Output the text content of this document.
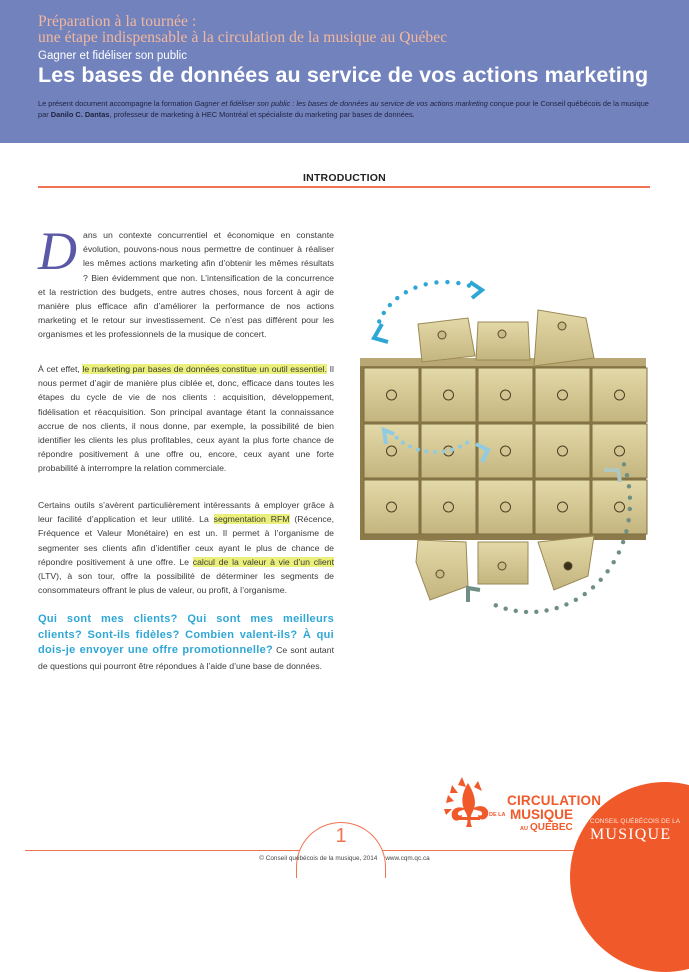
Préparation à la tournée :
une étape indispensable à la circulation de la musique au Québec
Gagner et fidéliser son public
Les bases de données au service de vos actions marketing
Le présent document accompagne la formation Gagner et fidéliser son public : les bases de données au service de vos actions marketing conçue pour le Conseil québécois de la musique par Danilo C. Dantas, professeur de marketing à HEC Montréal et spécialiste du marketing par bases de données.
INTRODUCTION
Dans un contexte concurrentiel et économique en constante évolution, pouvons-nous nous permettre de continuer à réaliser les mêmes actions marketing afin d’obtenir les mêmes résultats ? Bien évidemment que non. L’intensification de la concurrence et la restriction des budgets, entre autres choses, nous forcent à agir de manière plus efficace afin d’améliorer la performance de nos actions marketing et le retour sur investissement. Ce n’est pas différent pour les organismes et les professionnels de la musique de concert.
À cet effet, le marketing par bases de données constitue un outil essentiel. Il nous permet d’agir de manière plus ciblée et, donc, efficace dans toutes les étapes du cycle de vie de nos clients : acquisition, développement, fidélisation et réacquisition. Son principal avantage étant la connaissance accrue de nos clients, il nous donne, par exemple, la possibilité de bien identifier les clients les plus profitables, ceux ayant la plus forte chance de répondre positivement à une offre ou, encore, ceux ayant une forte probabilité à interrompre la relation commerciale.
Certains outils s’avèrent particulièrement intéressants à employer grâce à leur facilité d’application et leur utilité. La segmentation RFM (Récence, Fréquence et Valeur Monétaire) en est un. Il permet à l’organisme de segmenter ses clients afin d’identifier ceux ayant le plus de chance de répondre positivement à une offre. Le calcul de la valeur à vie d’un client (LTV), à son tour, offre la possibilité de déterminer les segments de consommateurs offrant le plus de valeur, ou profit, à l’organisme.
Qui sont mes clients? Qui sont mes meilleurs clients? Sont-ils fidèles? Combien valent-ils? À qui dois-je envoyer une offre promotionnelle? Ce sont autant de questions qui pourront être répondues à l’aide d’une base de données.
CIRCULATION
DE LA MUSIQUE
AU QUÉBEC
1
© Conseil québécois de la musique, 2014 www.cqm.qc.ca
CONSEIL QUÉBÉCOIS DE LA
MUSIQUE
